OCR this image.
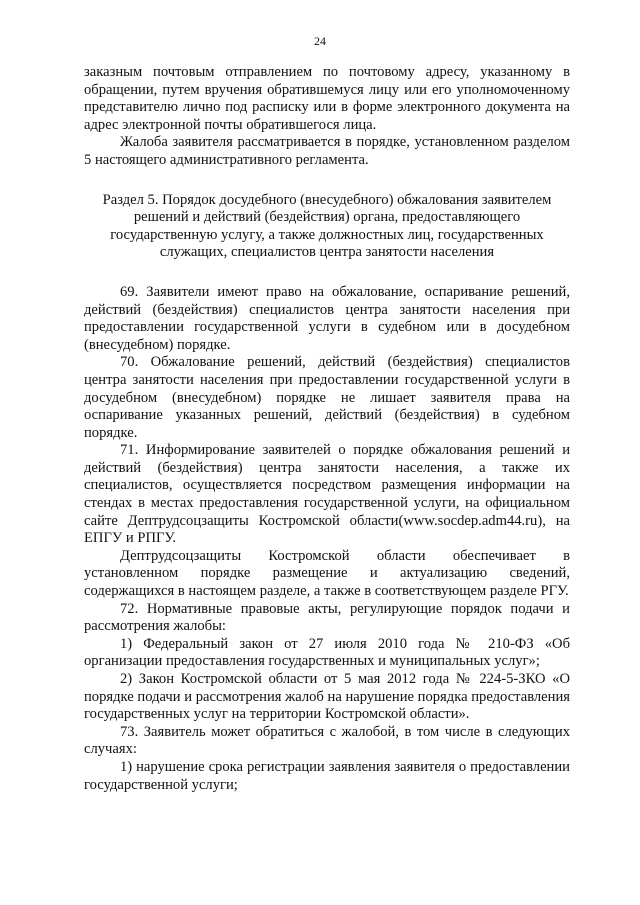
24

заказным почтовым отправлением по почтовому адресу, указанному в обращении, путем вручения обратившемуся лицу или его уполномоченному представителю лично под расписку или в форме электронного документа на адрес электронной почты обратившегося лица.

Жалоба заявителя рассматривается в порядке, установленном разделом 5 настоящего административного регламента.

Раздел 5. Порядок досудебного (внесудебного) обжалования заявителем решений и действий (бездействия) органа, предоставляющего государственную услугу, а также должностных лиц, государственных служащих, специалистов центра занятости населения

69. Заявители имеют право на обжалование, оспаривание решений, действий (бездействия) специалистов центра занятости населения при предоставлении государственной услуги в судебном или в досудебном (внесудебном) порядке.

70. Обжалование решений, действий (бездействия) специалистов центра занятости населения при предоставлении государственной услуги в досудебном (внесудебном) порядке не лишает заявителя права на оспаривание указанных решений, действий (бездействия) в судебном порядке.

71. Информирование заявителей о порядке обжалования решений и действий (бездействия) центра занятости населения, а также их специалистов, осуществляется посредством размещения информации на стендах в местах предоставления государственной услуги, на официальном сайте Дептрудсоцзащиты Костромской области(www.socdep.adm44.ru), на ЕПГУ и РПГУ.

Дептрудсоцзащиты Костромской области обеспечивает в установленном порядке размещение и актуализацию сведений, содержащихся в настоящем разделе, а также в соответствующем разделе РГУ.

72. Нормативные правовые акты, регулирующие порядок подачи и рассмотрения жалобы:

1) Федеральный закон от 27 июля 2010 года № 210-ФЗ «Об организации предоставления государственных и муниципальных услуг»;

2) Закон Костромской области от 5 мая 2012 года № 224-5-ЗКО «О порядке подачи и рассмотрения жалоб на нарушение порядка предоставления государственных услуг на территории Костромской области».

73. Заявитель может обратиться с жалобой, в том числе в следующих случаях:

1) нарушение срока регистрации заявления заявителя о предоставлении государственной услуги;
